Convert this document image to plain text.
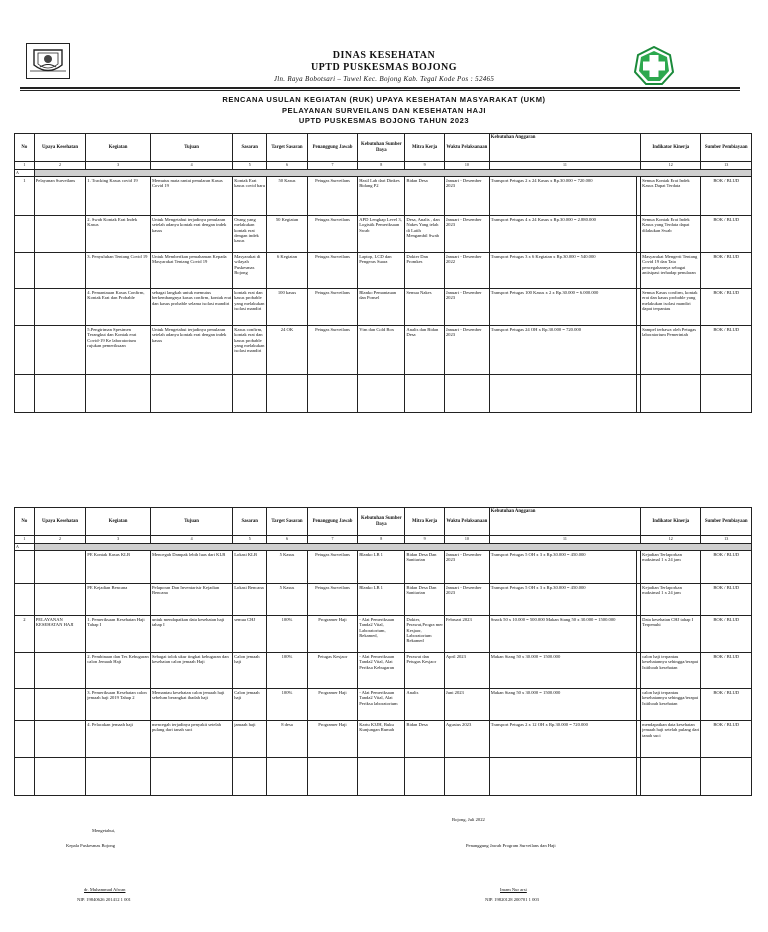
DINAS KESEHATAN
UPTD PUSKESMAS BOJONG
Jln. Raya Bobotsari – Tuwel Kec. Bojong Kab. Tegal Kode Pos : 52465
RENCANA USULAN KEGIATAN (RUK) UPAYA KESEHATAN MASYARAKAT (UKM)
PELAYANAN SURVEILANS DAN KESEHATAN HAJI
UPTD PUSKESMAS BOJONG TAHUN 2023
No	Upaya Kesehatan	Kegiatan	Tujuan	Sasaran	Target Sasaran	Penanggung Jawab	Kebutuhan Sumber Daya	Mitra Kerja	Waktu Pelaksanaan	Kebutuhan Anggaran		Indikator Kinerja	Sumber Pembiayaan
1	2	3	4	5	6	7	8	9	10	11		12	13
A													
1	Pelayanan Surveilans	1. Tracking Kasus covid 19	Memutus mata rantai penularan Kasus Covid 19	Kontak Erat kasus covid baru	50 Kasus	Petugas Surveilans	Hasil Lab dari Dinkes Bidang P2	Bidan Desa	Januari - Desember 2023	Transport Petugas 2 x 24 Kasus x Rp.30.000 = 720.000		Semua Kontak Erat Indek Kasus Dapat Terdata	BOK / BLUD
		2. Swab Kontak Erat Indek Kasus	Untuk Mengetahui terjadinya penularan setelah adanya kontak erat dengan indek kasus	Orang yang melakukan kontak erat dengan indek kasus	50 Kegiatan	Petugas Surveilans	APD Lengkap Level 3, Logistik Pemeriksaan Swab	Desa, Analis , dan Nakes Yang telah di Latih Mengambil Swab	Januari - Desember 2023	Transport Petugas 4 x 24 Kasus x Rp.30.000 = 2.880.000		Semua Kontak Erat Indek Kasus yang Terdata dapat dilakukan Swab	BOK / BLUD
		3. Penyuluhan Tentang Covid 19	Untuk Memberikan pemahaman Kepada Masyarakat Tentang Covid 19	Masyarakat di wilayah Puskesmas Bojong	6 Kegiatan	Petugas Surveilans	Laptop, LCD dan Pengeras Suara	Dokter Dan Promkes	Januari - Desember 2022	Transport Petugas 3 x 6 Kegiatan x Rp.30.000 = 540.000		Masyarakat Mengerti Tentang Covid 19 dan Tata pencegahannya sebagai antisipasi terhadap penularan	BOK / BLUD
		4. Pemantauan Kasus Confirm, Kontak Erat dan Probable	sebagai langkah untuk memutus berkembangnya kasus confirm, kontak erat dan kasus probable selama isolasi mandiri	kontak erat dan kasus probable yang melakukan isolasi mandiri	100 kasus	Petugas Surveilans	Blanko Pemantauan dan Ponsel	Semua Nakes	Januari - Desember 2023	Transport Petugas 100 Kasus x 2 x Rp.30.000 = 6.000.000		Semua Kasus confirm, kontak erat dan kasus probable yang melakukan isolasi mandiri dapat terpantau	BOK / BLUD
		5.Pengiriman Spesimen Terangkut dan Kontak erat Covid-19 Ke laboratorium rujukan pemeriksaan	Untuk Mengetahui terjadinya penularan setelah adanya kontak erat dengan indek kasus	Kasus confirm, kontak erat dan kasus probable yang melakukan isolasi mandiri	24 OK	Petugas Surveilans	Vtm dan Cold Box	Analis dan Bidan Desa	Januari - Desember 2023	Transport Petugas 24 OH x Rp.30.000 = 720.000		Sampel terbawa oleh Petugas laboratorium Pemerintah	BOK / BLUD

No	Upaya Kesehatan	Kegiatan	Tujuan	Sasaran	Target Sasaran	Penanggung Jawab	Kebutuhan Sumber Daya	Mitra Kerja	Waktu Pelaksanaan	Kebutuhan Anggaran		Indikator Kinerja	Sumber Pembiayaan
1	2	3	4	5	6	7	8	9	10	11		12	13
A													
		PE Kontak Kasus KLB	Mencegah Dampak lebih luas dari KLB	Lokasi KLB	5 Kasus	Petugas Surveilans	Blanko LB 1	Bidan Desa Dan Sanitarian	Januari - Desember 2023	Transport Petugas 5 OH x 3 x Rp.30.000 = 450.000		Kejadian Terlaporkan maksimal 1 x 24 jam	BOK / BLUD
		PE Kejadian Bencana	Pelaporan Dan Inventarisir Kejadian Bencana	Lokasi Bencana	5 Kasus	Petugas Surveilans	Blanko LB 1	Bidan Desa Dan Sanitarian	Januari - Desember 2023	Transport Petugas 5 OH x 3 x Rp.30.000 = 450.000		Kejadian Terlaporkan maksimal 1 x 24 jam	BOK / BLUD
2	PELAYANAN KESEHATAN HAJI	1. Pemeriksaan Kesehatan Haji Tahap I	untuk mendapatkan data kesehatan haji tahap I	semua CHJ	100%	Programer Haji	- Alat Pemeriksaan Tanda2 Vital, Laboratorium, Rekamed,	Dokter, Perawat,Progra mer Kesjaor, Laboratorium Rekamed	Februari 2023	Snack 50 x 10.000 = 500.000 Makan Siang 50 x 30.000 = 1500.000		Data kesehatan CHJ tahap I Terpenuhi	BOK / BLUD
		2. Pembinaan dan Tes Kebugaran calon Jemaah Haji	Sebagai tolok ukur tingkat kebugaran dan kesehatan calon jemaah Haji	Calon jemaah haji	100%	Petugas Kesjaor	- Alat Pemeriksaan Tanda2 Vital, Alat Periksa Kebugaran	Perawat dan Petugas Kesjaor	April 2023	Makan Siang 50 x 30.000 = 1500.000		calon haji terpantau kesehatannya sehingga/terapai Istithoah kesehatan	BOK / BLUD
		3. Pemeriksaan Kesehatan calon jemaah haji 2019 Tahap 2	Memantau kesehatan calon jemaah haji sebelum berangkat ibadah haji	Calon jemaah haji	100%	Programer Haji	- Alat Pemeriksaan Tanda2 Vital, Alat Periksa laboratorium	Analis	Juni 2023	Makan Siang 50 x 30.000 = 1500.000		calon haji terpantau kesehatannya sehingga/terapai Istithoah kesehatan	BOK / BLUD
		4. Pelacakan jemaah haji	mencegah terjadinya penyakit setelah pulang dari tanah suci	jamaah haji	8 desa	Programer Haji	Kartu K3JH, Buku Kunjungan Rumah	Bidan Desa	Agustus 2023	Transport Petugas 2 x 12 OH x Rp.30.000 = 720.000		mendapatkan data kesehatan jemaah haji setelah pulang dari tanah suci	BOK / BLUD

Bojong, Juli 2022
Mengetahui,
Kepala Puskesmas Bojong	Penanggung Jawab Program Surveilans dan Haji
dr. Muhammad Afwan
NIP. 19840626 201412 1 001
Imam Nur arsi
NIP. 19820128 200701 1 003
